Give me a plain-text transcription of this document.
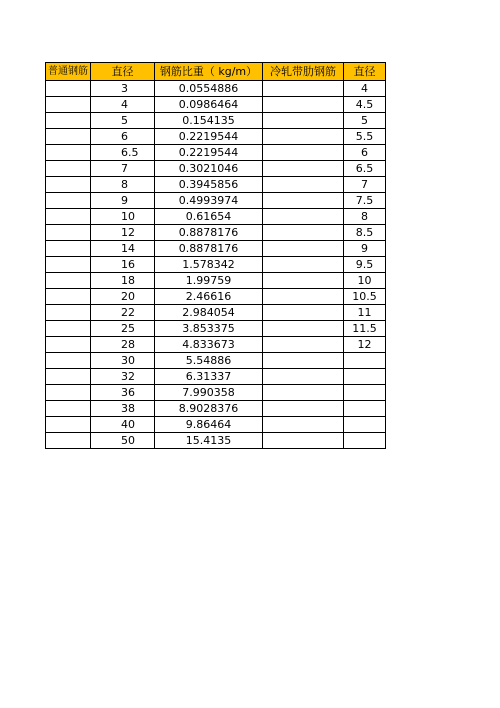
普通钢筋	直径	钢筋比重（ kg/m）	冷轧带肋钢筋	直径
	3	0.0554886		4
	4	0.0986464		4.5
	5	0.154135		5
	6	0.2219544		5.5
	6.5	0.2219544		6
	7	0.3021046		6.5
	8	0.3945856		7
	9	0.4993974		7.5
	10	0.61654		8
	12	0.8878176		8.5
	14	0.8878176		9
	16	1.578342		9.5
	18	1.99759		10
	20	2.46616		10.5
	22	2.984054		11
	25	3.853375		11.5
	28	4.833673		12
	30	5.54886		
	32	6.31337		
	36	7.990358		
	38	8.9028376		
	40	9.86464		
	50	15.4135		
